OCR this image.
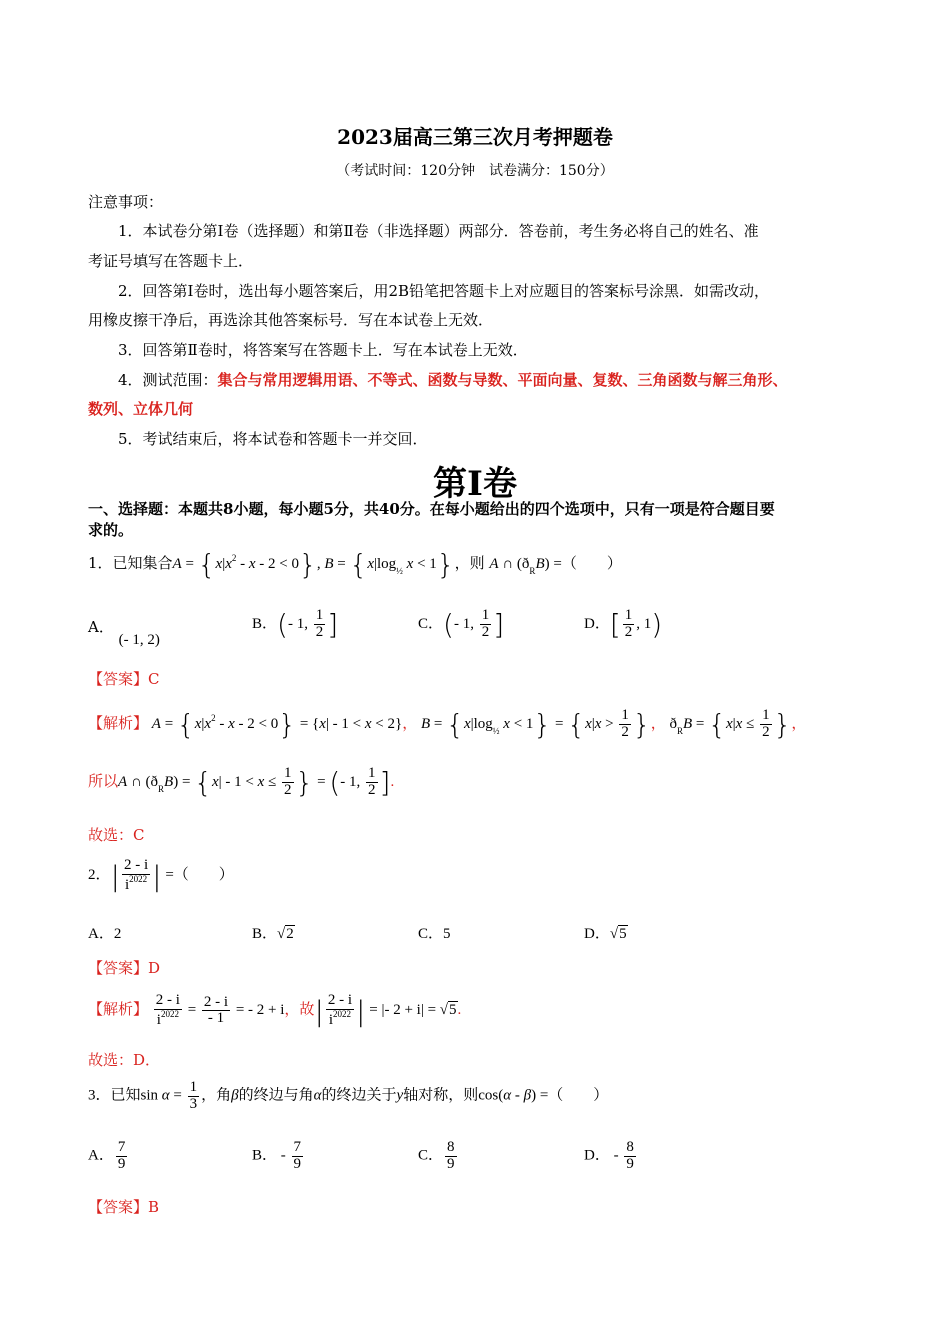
2023届高三第三次月考押题卷
（考试时间：120分钟　试卷满分：150分）
注意事项：
1．本试卷分第Ⅰ卷（选择题）和第Ⅱ卷（非选择题）两部分．答卷前，考生务必将自己的姓名、准
考证号填写在答题卡上．
2．回答第Ⅰ卷时，选出每小题答案后，用2B铅笔把答题卡上对应题目的答案标号涂黑．如需改动，
用橡皮擦干净后，再选涂其他答案标号．写在本试卷上无效．
3．回答第Ⅱ卷时，将答案写在答题卡上．写在本试卷上无效．
4．测试范围：集合与常用逻辑用语、不等式、函数与导数、平面向量、复数、三角函数与解三角形、
数列、立体几何
5．考试结束后，将本试卷和答题卡一并交回．
第Ⅰ卷
一、选择题：本题共8小题，每小题5分，共40分。在每小题给出的四个选项中，只有一项是符合题目要
求的。
1．已知集合$A = \{x|x^2 - x - 2 < 0\}$, $B = \{x|\log_{\frac{1}{2}}$ x < 1}，则 A ∩ $(ð_RB)$ =（　　）
A． (- 1, 2)
B．(- 1, $\frac{1}{2}$ ]	C．(- 1, $\frac{1}{2}$ ]	D．[ $\frac{1}{2}$ , 1)
【答案】C
【解析】 $A = \{x|x^2 - x - 2 < 0\} = \{x| - 1 < x < 2\}$， $B = \{x|\log_{\frac{1}{2}}$ $x < 1\} = \{x|x > \frac{1}{2}$ }， $ð_RB = \{x|x \le \frac{1}{2}$ }，
所以A ∩ $(ð_RB) = \{x| - 1 < x \le \frac{1}{2}$ } = (- 1, $\frac{1}{2}$ ].
故选：C
2．| $\frac{2 - i}{i^{2022}}$ | =（　　）
A．2	B．√2	C．5	D．√5
【答案】D
【解析】 $\frac{2 - i}{i^{2022}} = \frac{2 - i}{- 1}$ = - 2 + i，故| $\frac{2 - i}{i^{2022}}$ | = |- 2 + i| = √5.
故选：D．
3．已知$\sin \alpha = \frac{1}{3}$ ，角β的终边与角α的终边关于y轴对称，则cos(α - β) =（　　）
A． $\frac{7}{9}$	B． - $\frac{7}{9}$	C． $\frac{8}{9}$	D． - $\frac{8}{9}$
【答案】B
